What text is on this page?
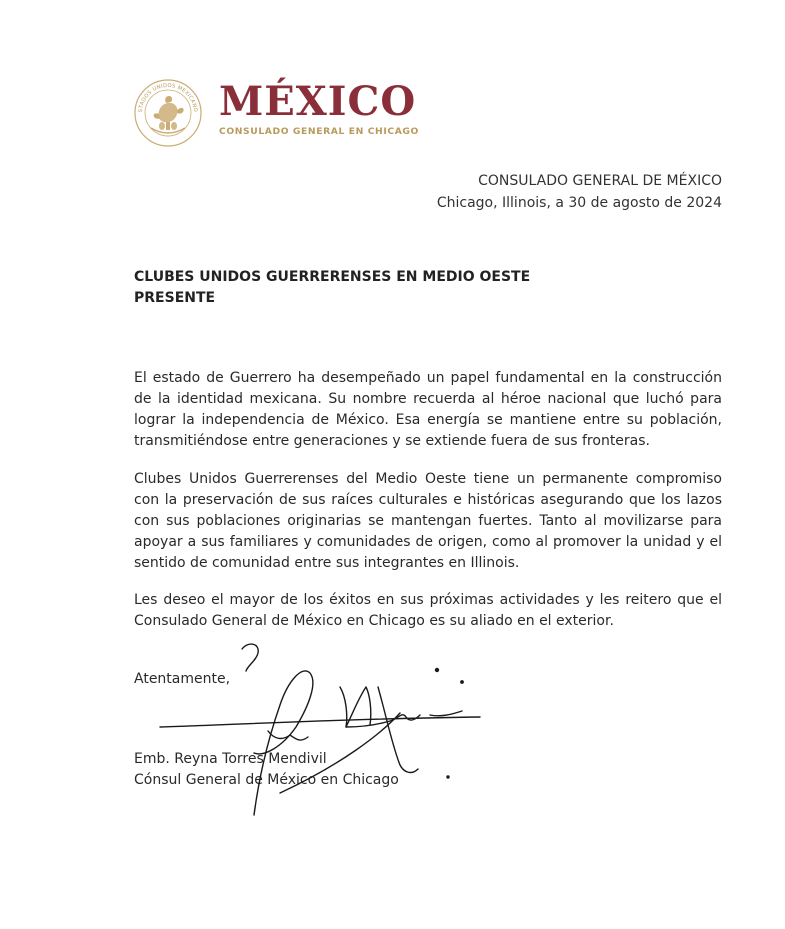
STADOS UNIDOS MEXICANO MÉXICO
CONSULADO GENERAL EN CHICAGO
CONSULADO GENERAL DE MÉXICO
Chicago, Illinois, a 30 de agosto de 2024
CLUBES UNIDOS GUERRERENSES EN MEDIO OESTE
PRESENTE

El estado de Guerrero ha desempeñado un papel fundamental en la construcción de la identidad mexicana. Su nombre recuerda al héroe nacional que luchó para lograr la independencia de México. Esa energía se mantiene entre su población, transmitiéndose entre generaciones y se extiende fuera de sus fronteras.

Clubes Unidos Guerrerenses del Medio Oeste tiene un permanente compromiso con la preservación de sus raíces culturales e históricas asegurando que los lazos con sus poblaciones originarias se mantengan fuertes. Tanto al movilizarse para apoyar a sus familiares y comunidades de origen, como al promover la unidad y el sentido de comunidad entre sus integrantes en Illinois.

Les deseo el mayor de los éxitos en sus próximas actividades y les reitero que el Consulado General de México en Chicago es su aliado en el exterior.

Atentamente,
Emb. Reyna Torres Mendivil
Cónsul General de México en Chicago
